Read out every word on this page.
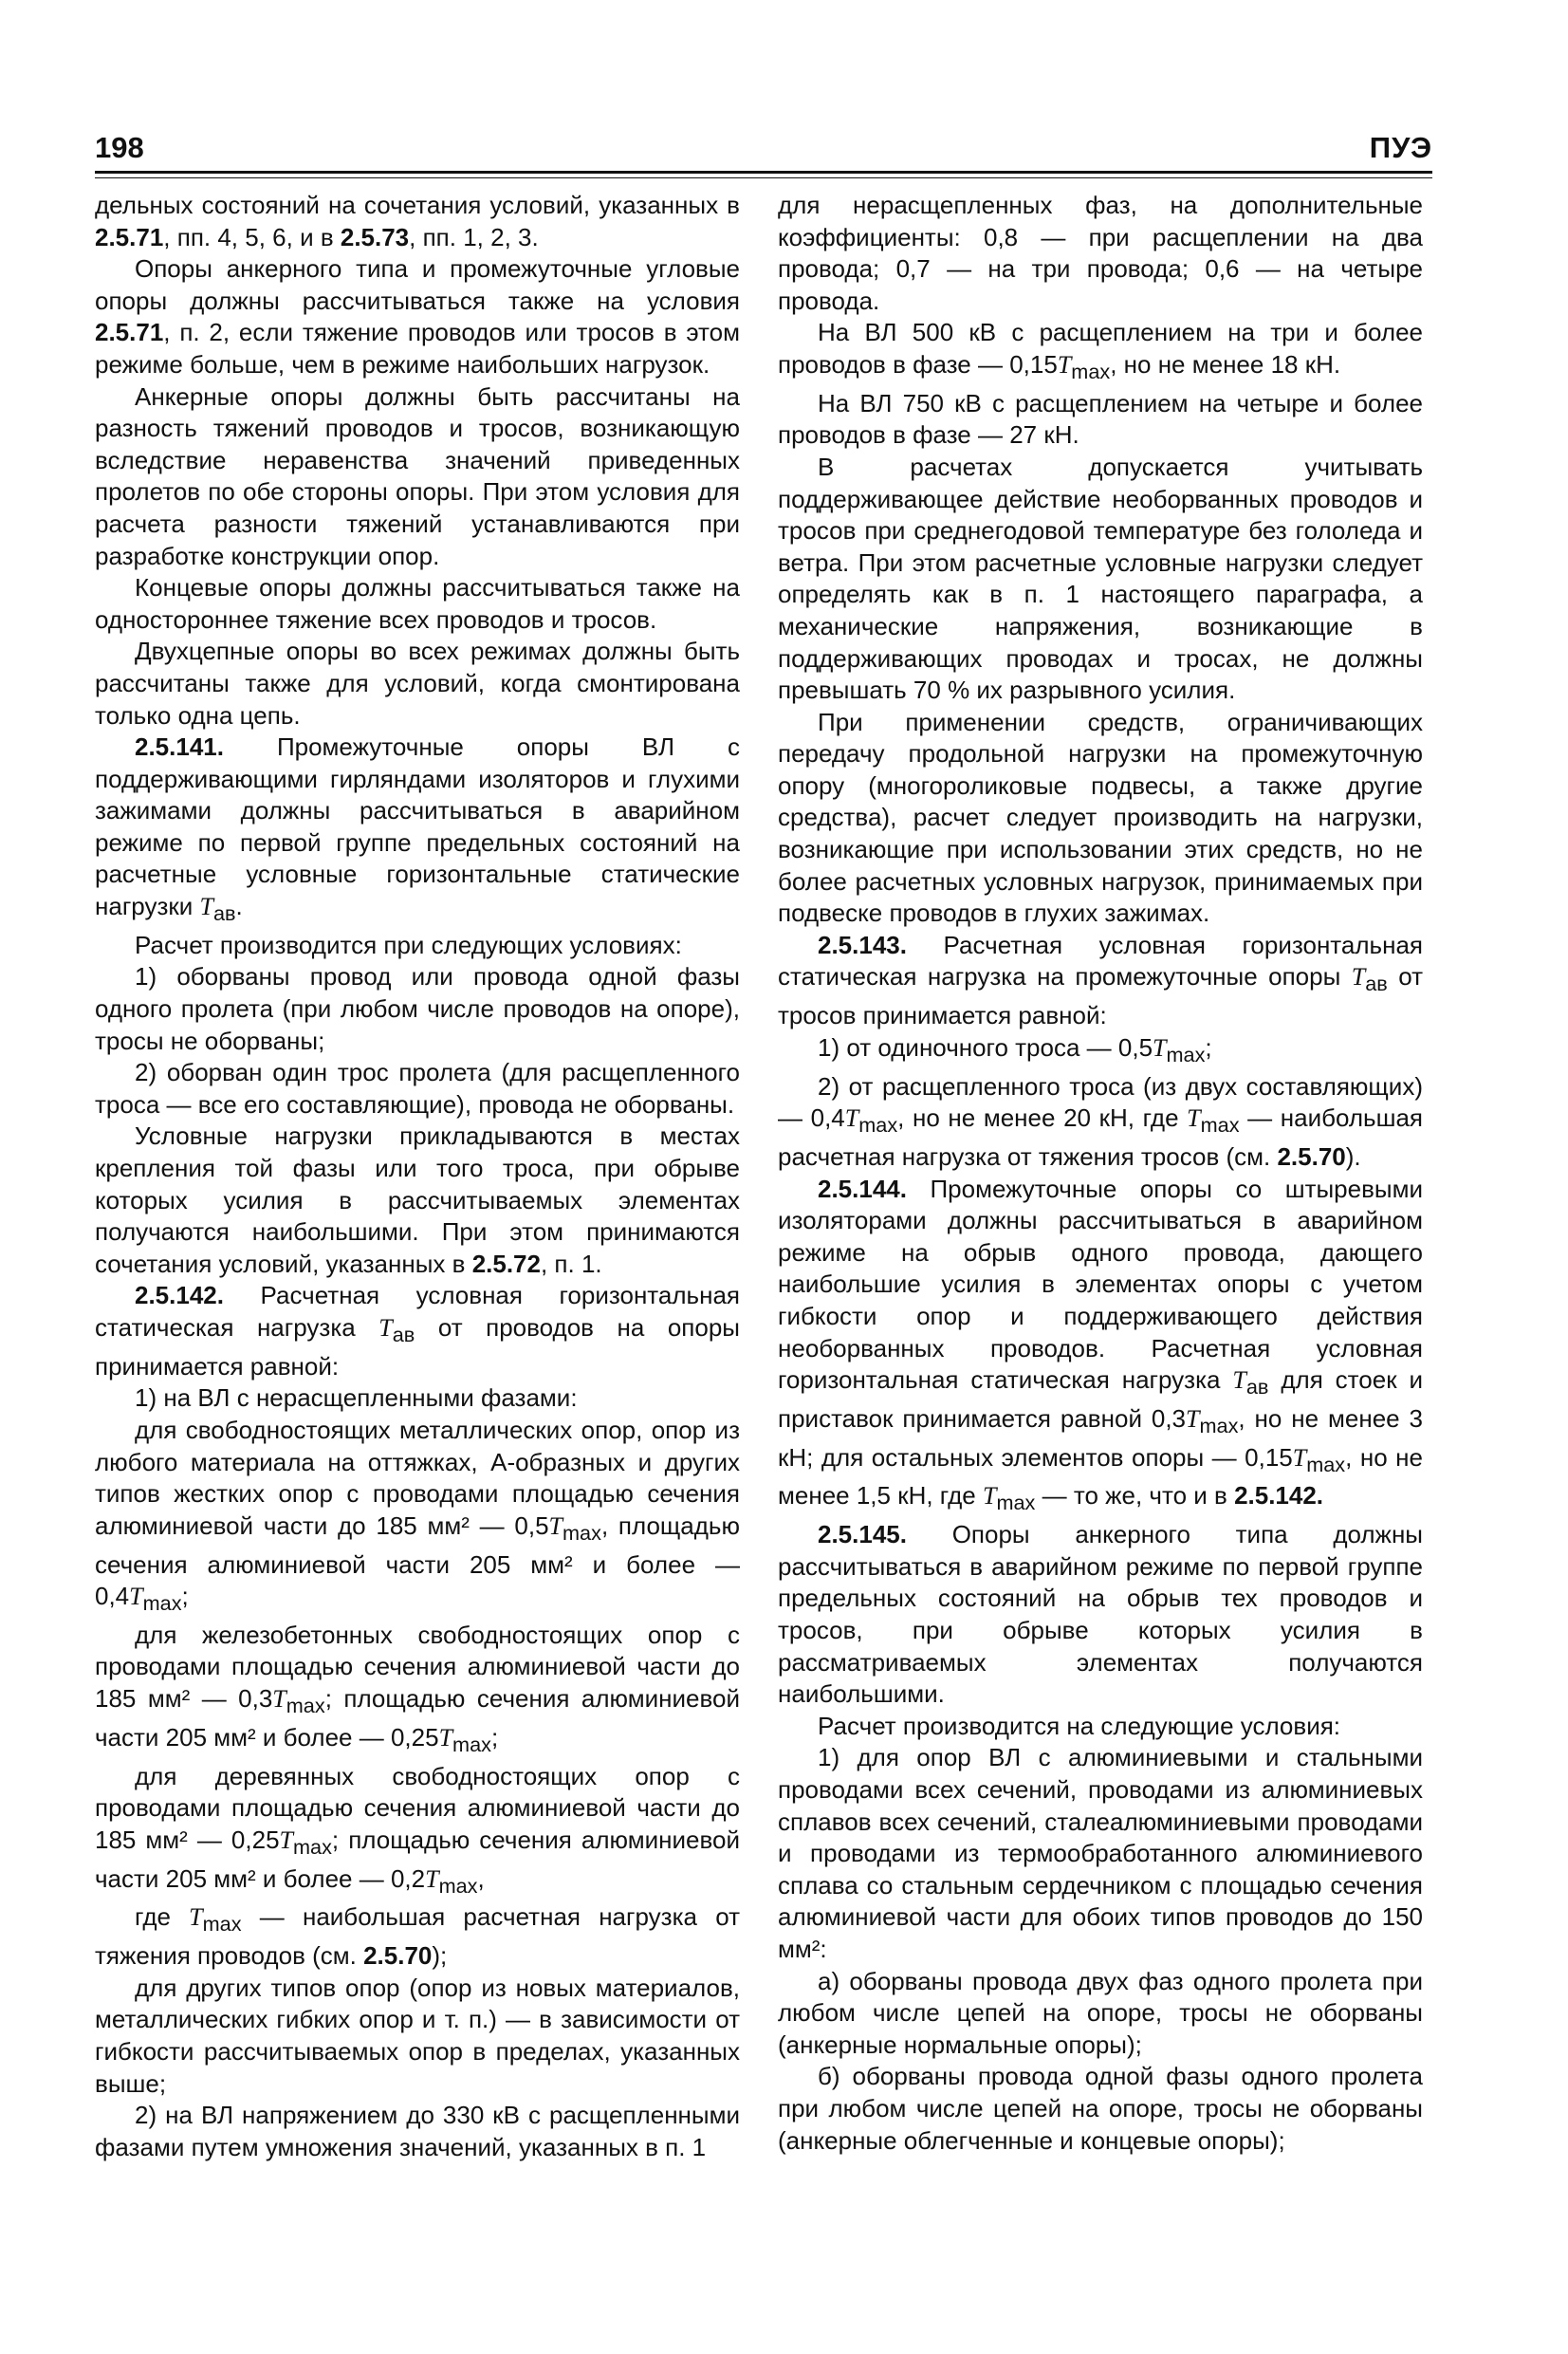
198	ПУЭ

дельных состояний на сочетания условий, указанных в 2.5.71, пп. 4, 5, 6, и в 2.5.73, пп. 1, 2, 3.

Опоры анкерного типа и промежуточные угловые опоры должны рассчитываться также на условия 2.5.71, п. 2, если тяжение проводов или тросов в этом режиме больше, чем в режиме наибольших нагрузок.

Анкерные опоры должны быть рассчитаны на разность тяжений проводов и тросов, возникающую вследствие неравенства значений приведенных пролетов по обе стороны опоры. При этом условия для расчета разности тяжений устанавливаются при разработке конструкции опор.

Концевые опоры должны рассчитываться также на одностороннее тяжение всех проводов и тросов.

Двухцепные опоры во всех режимах должны быть рассчитаны также для условий, когда смонтирована только одна цепь.

2.5.141. Промежуточные опоры ВЛ с поддерживающими гирляндами изоляторов и глухими зажимами должны рассчитываться в аварийном режиме по первой группе предельных состояний на расчетные условные горизонтальные статические нагрузки $T_{ав}$.

Расчет производится при следующих условиях:

1) оборваны провод или провода одной фазы одного пролета (при любом числе проводов на опоре), тросы не оборваны;

2) оборван один трос пролета (для расщепленного троса — все его составляющие), провода не оборваны.

Условные нагрузки прикладываются в местах крепления той фазы или того троса, при обрыве которых усилия в рассчитываемых элементах получаются наибольшими. При этом принимаются сочетания условий, указанных в 2.5.72, п. 1.

2.5.142. Расчетная условная горизонтальная статическая нагрузка $T_{ав}$ от проводов на опоры принимается равной:

1) на ВЛ с нерасщепленными фазами:

для свободностоящих металлических опор, опор из любого материала на оттяжках, А-образных и других типов жестких опор с проводами площадью сечения алюминиевой части до 185 мм² — $0,5T_{max}$, площадью сечения алюминиевой части 205 мм² и более — $0,4T_{max}$;

для железобетонных свободностоящих опор с проводами площадью сечения алюминиевой части до 185 мм² — $0,3T_{max}$; площадью сечения алюминиевой части 205 мм² и более — $0,25T_{max}$;

для деревянных свободностоящих опор с проводами площадью сечения алюминиевой части до 185 мм² — $0,25T_{max}$; площадью сечения алюминиевой части 205 мм² и более — $0,2T_{max}$,

где $T_{max}$ — наибольшая расчетная нагрузка от тяжения проводов (см. 2.5.70);

для других типов опор (опор из новых материалов, металлических гибких опор и т. п.) — в зависимости от гибкости рассчитываемых опор в пределах, указанных выше;

2) на ВЛ напряжением до 330 кВ с расщепленными фазами путем умножения значений, указанных в п. 1

для нерасщепленных фаз, на дополнительные коэффициенты: 0,8 — при расщеплении на два провода; 0,7 — на три провода; 0,6 — на четыре провода.

На ВЛ 500 кВ с расщеплением на три и более проводов в фазе — $0,15T_{max}$, но не менее 18 кН.

На ВЛ 750 кВ с расщеплением на четыре и более проводов в фазе — 27 кН.

В расчетах допускается учитывать поддерживающее действие необорванных проводов и тросов при среднегодовой температуре без гололеда и ветра. При этом расчетные условные нагрузки следует определять как в п. 1 настоящего параграфа, а механические напряжения, возникающие в поддерживающих проводах и тросах, не должны превышать 70 % их разрывного усилия.

При применении средств, ограничивающих передачу продольной нагрузки на промежуточную опору (многороликовые подвесы, а также другие средства), расчет следует производить на нагрузки, возникающие при использовании этих средств, но не более расчетных условных нагрузок, принимаемых при подвеске проводов в глухих зажимах.

2.5.143. Расчетная условная горизонтальная статическая нагрузка на промежуточные опоры $T_{ав}$ от тросов принимается равной:

1) от одиночного троса — $0,5T_{max}$;

2) от расщепленного троса (из двух составляющих) — $0,4T_{max}$, но не менее 20 кН, где $T_{max}$ — наибольшая расчетная нагрузка от тяжения тросов (см. 2.5.70).

2.5.144. Промежуточные опоры со штыревыми изоляторами должны рассчитываться в аварийном режиме на обрыв одного провода, дающего наибольшие усилия в элементах опоры с учетом гибкости опор и поддерживающего действия необорванных проводов. Расчетная условная горизонтальная статическая нагрузка $T_{ав}$ для стоек и приставок принимается равной $0,3T_{max}$, но не менее 3 кН; для остальных элементов опоры — $0,15T_{max}$, но не менее 1,5 кН, где $T_{max}$ — то же, что и в 2.5.142.

2.5.145. Опоры анкерного типа должны рассчитываться в аварийном режиме по первой группе предельных состояний на обрыв тех проводов и тросов, при обрыве которых усилия в рассматриваемых элементах получаются наибольшими.

Расчет производится на следующие условия:

1) для опор ВЛ с алюминиевыми и стальными проводами всех сечений, проводами из алюминиевых сплавов всех сечений, сталеалюминиевыми проводами и проводами из термообработанного алюминиевого сплава со стальным сердечником с площадью сечения алюминиевой части для обоих типов проводов до 150 мм²:

а) оборваны провода двух фаз одного пролета при любом числе цепей на опоре, тросы не оборваны (анкерные нормальные опоры);

б) оборваны провода одной фазы одного пролета при любом числе цепей на опоре, тросы не оборваны (анкерные облегченные и концевые опоры);
